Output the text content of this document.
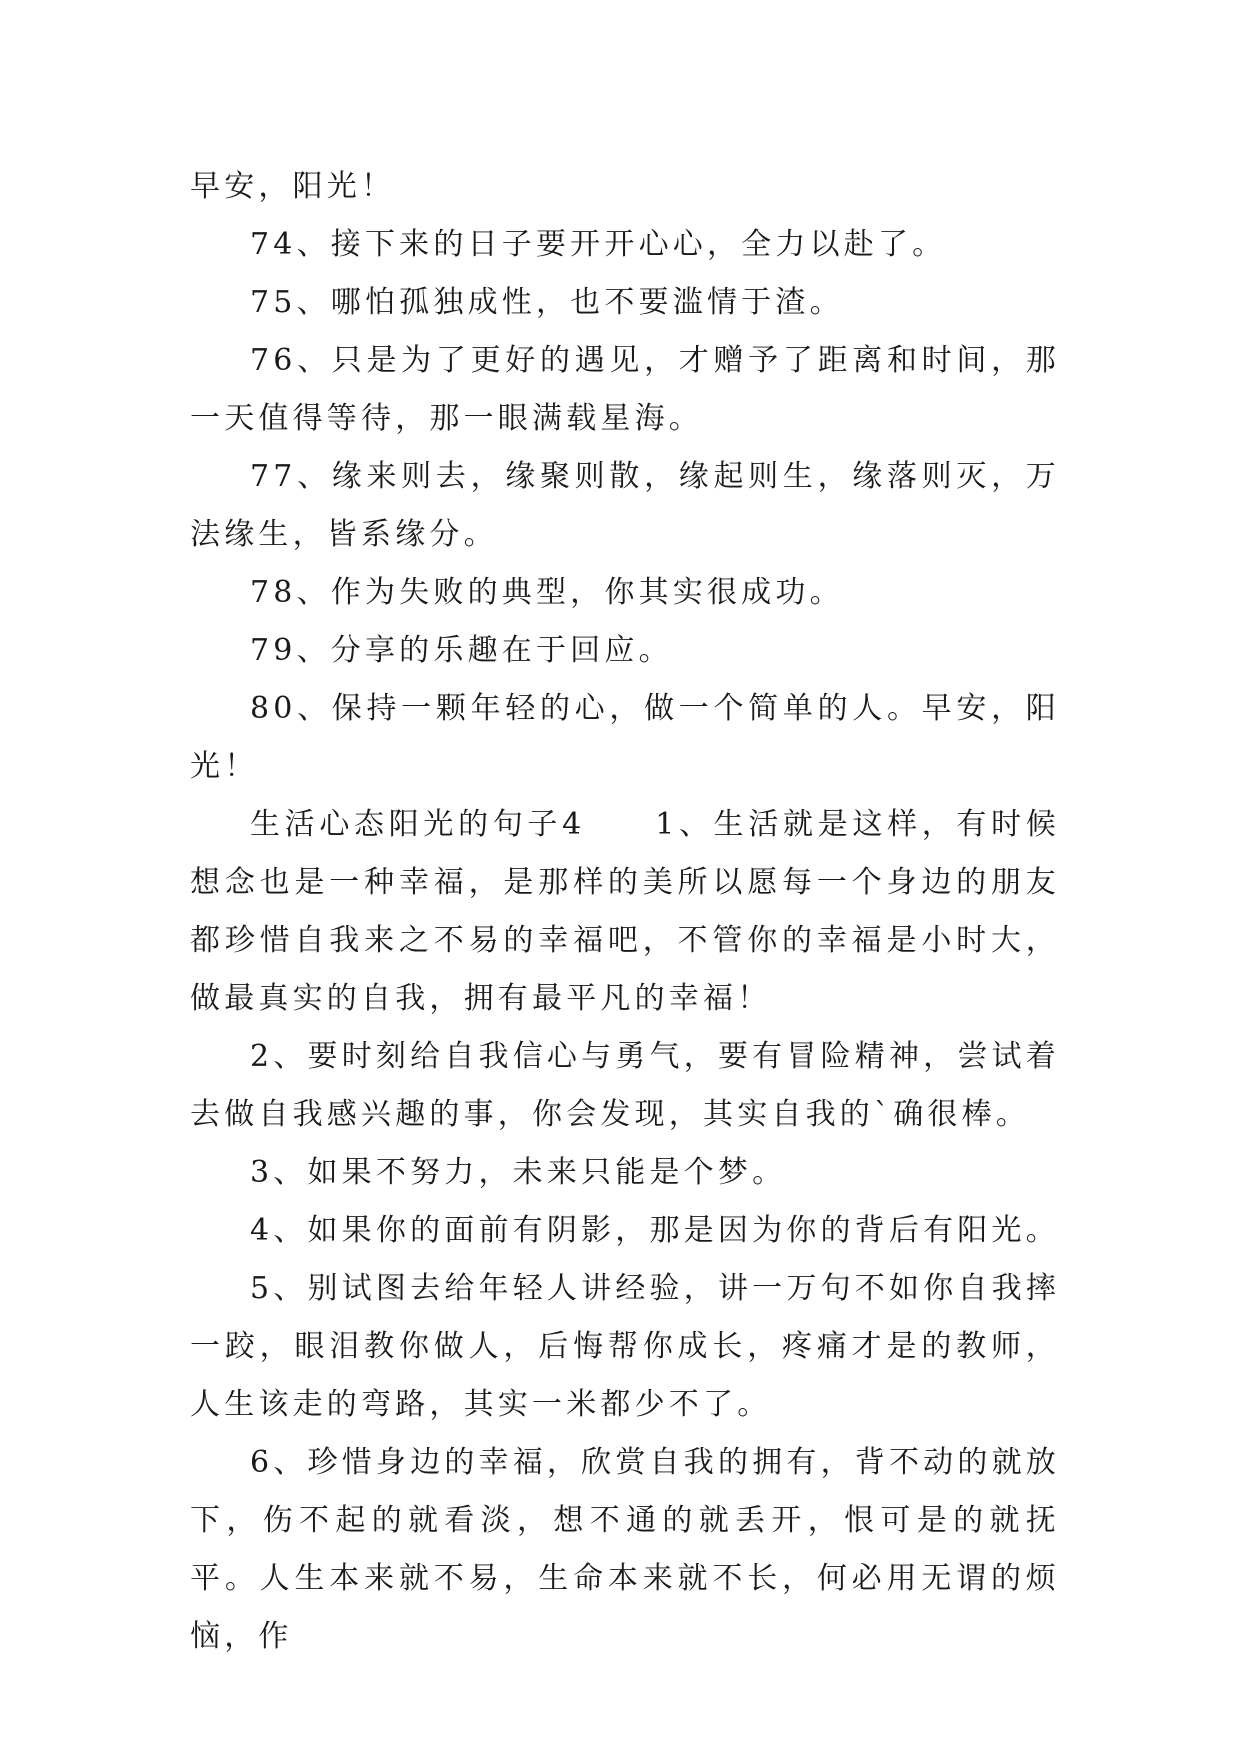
早安，阳光！

74、接下来的日子要开开心心，全力以赴了。

75、哪怕孤独成性，也不要滥情于渣。

76、只是为了更好的遇见，才赠予了距离和时间，那一天值得等待，那一眼满载星海。

77、缘来则去，缘聚则散，缘起则生，缘落则灭，万法缘生，皆系缘分。

78、作为失败的典型，你其实很成功。

79、分享的乐趣在于回应。

80、保持一颗年轻的心，做一个简单的人。早安，阳光！

生活心态阳光的句子4　　1、生活就是这样，有时候想念也是一种幸福，是那样的美所以愿每一个身边的朋友都珍惜自我来之不易的幸福吧，不管你的幸福是小时大，做最真实的自我，拥有最平凡的幸福！

2、要时刻给自我信心与勇气，要有冒险精神，尝试着去做自我感兴趣的事，你会发现，其实自我的`确很棒。

3、如果不努力，未来只能是个梦。

4、如果你的面前有阴影，那是因为你的背后有阳光。

5、别试图去给年轻人讲经验，讲一万句不如你自我摔一跤，眼泪教你做人，后悔帮你成长，疼痛才是的教师，人生该走的弯路，其实一米都少不了。

6、珍惜身边的幸福，欣赏自我的拥有，背不动的就放下，伤不起的就看淡，想不通的就丢开，恨可是的就抚平。人生本来就不易，生命本来就不长，何必用无谓的烦恼，作
